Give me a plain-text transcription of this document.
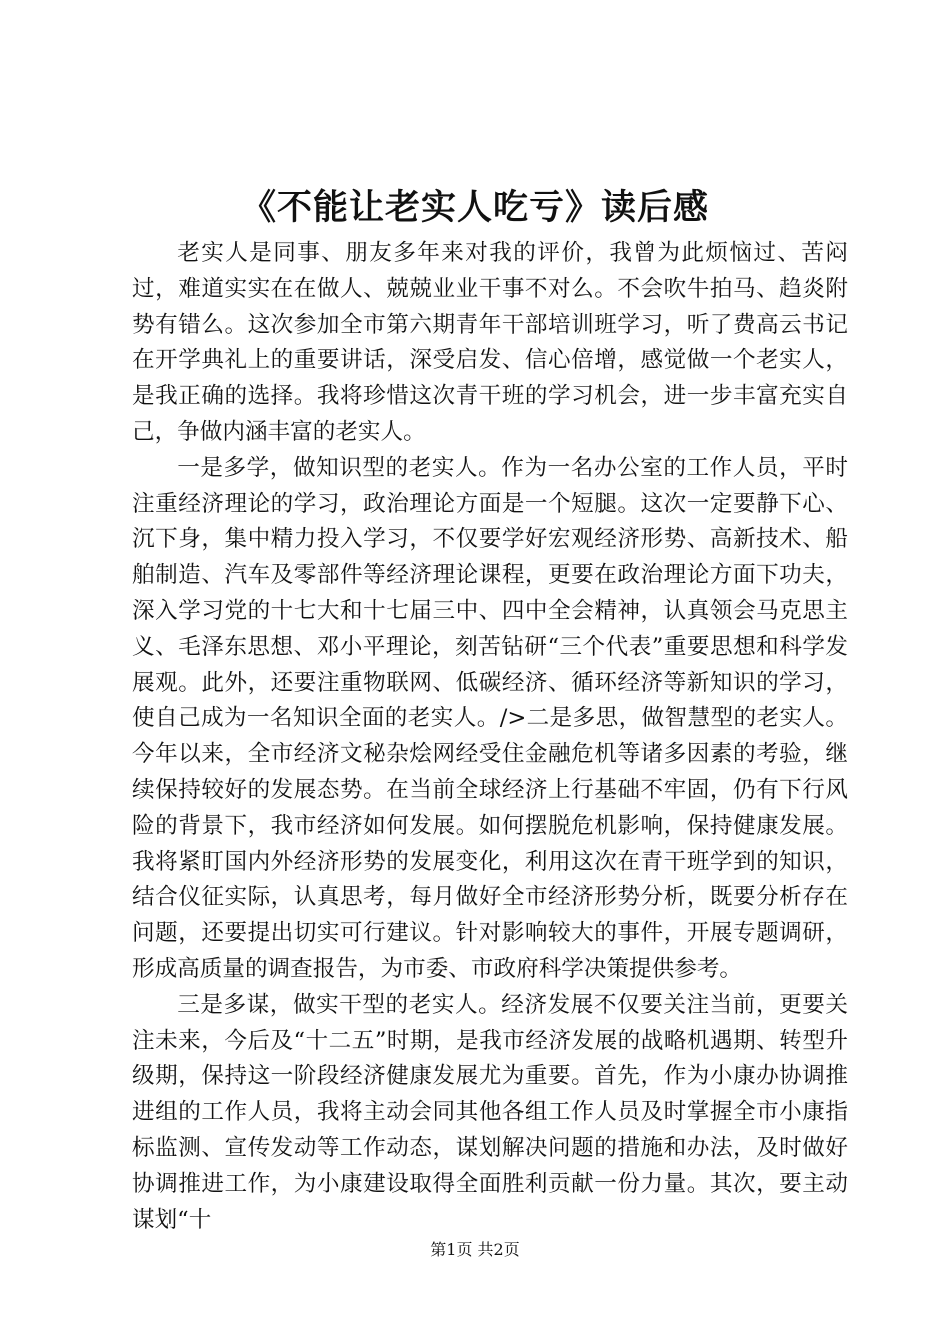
《不能让老实人吃亏》读后感

老实人是同事、朋友多年来对我的评价，我曾为此烦恼过、苦闷过，难道实实在在做人、兢兢业业干事不对么。不会吹牛拍马、趋炎附势有错么。这次参加全市第六期青年干部培训班学习，听了费高云书记在开学典礼上的重要讲话，深受启发、信心倍增，感觉做一个老实人，是我正确的选择。我将珍惜这次青干班的学习机会，进一步丰富充实自己，争做内涵丰富的老实人。

一是多学，做知识型的老实人。作为一名办公室的工作人员，平时注重经济理论的学习，政治理论方面是一个短腿。这次一定要静下心、沉下身，集中精力投入学习，不仅要学好宏观经济形势、高新技术、船舶制造、汽车及零部件等经济理论课程，更要在政治理论方面下功夫，深入学习党的十七大和十七届三中、四中全会精神，认真领会马克思主义、毛泽东思想、邓小平理论，刻苦钻研“三个代表”重要思想和科学发展观。此外，还要注重物联网、低碳经济、循环经济等新知识的学习，使自己成为一名知识全面的老实人。/>二是多思，做智慧型的老实人。今年以来，全市经济文秘杂烩网经受住金融危机等诸多因素的考验，继续保持较好的发展态势。在当前全球经济上行基础不牢固，仍有下行风险的背景下，我市经济如何发展。如何摆脱危机影响，保持健康发展。我将紧盯国内外经济形势的发展变化，利用这次在青干班学到的知识，结合仪征实际，认真思考，每月做好全市经济形势分析，既要分析存在问题，还要提出切实可行建议。针对影响较大的事件，开展专题调研，形成高质量的调查报告，为市委、市政府科学决策提供参考。

三是多谋，做实干型的老实人。经济发展不仅要关注当前，更要关注未来，今后及“十二五”时期，是我市经济发展的战略机遇期、转型升级期，保持这一阶段经济健康发展尤为重要。首先，作为小康办协调推进组的工作人员，我将主动会同其他各组工作人员及时掌握全市小康指标监测、宣传发动等工作动态，谋划解决问题的措施和办法，及时做好协调推进工作，为小康建设取得全面胜利贡献一份力量。其次，要主动谋划“十

第1页 共2页
